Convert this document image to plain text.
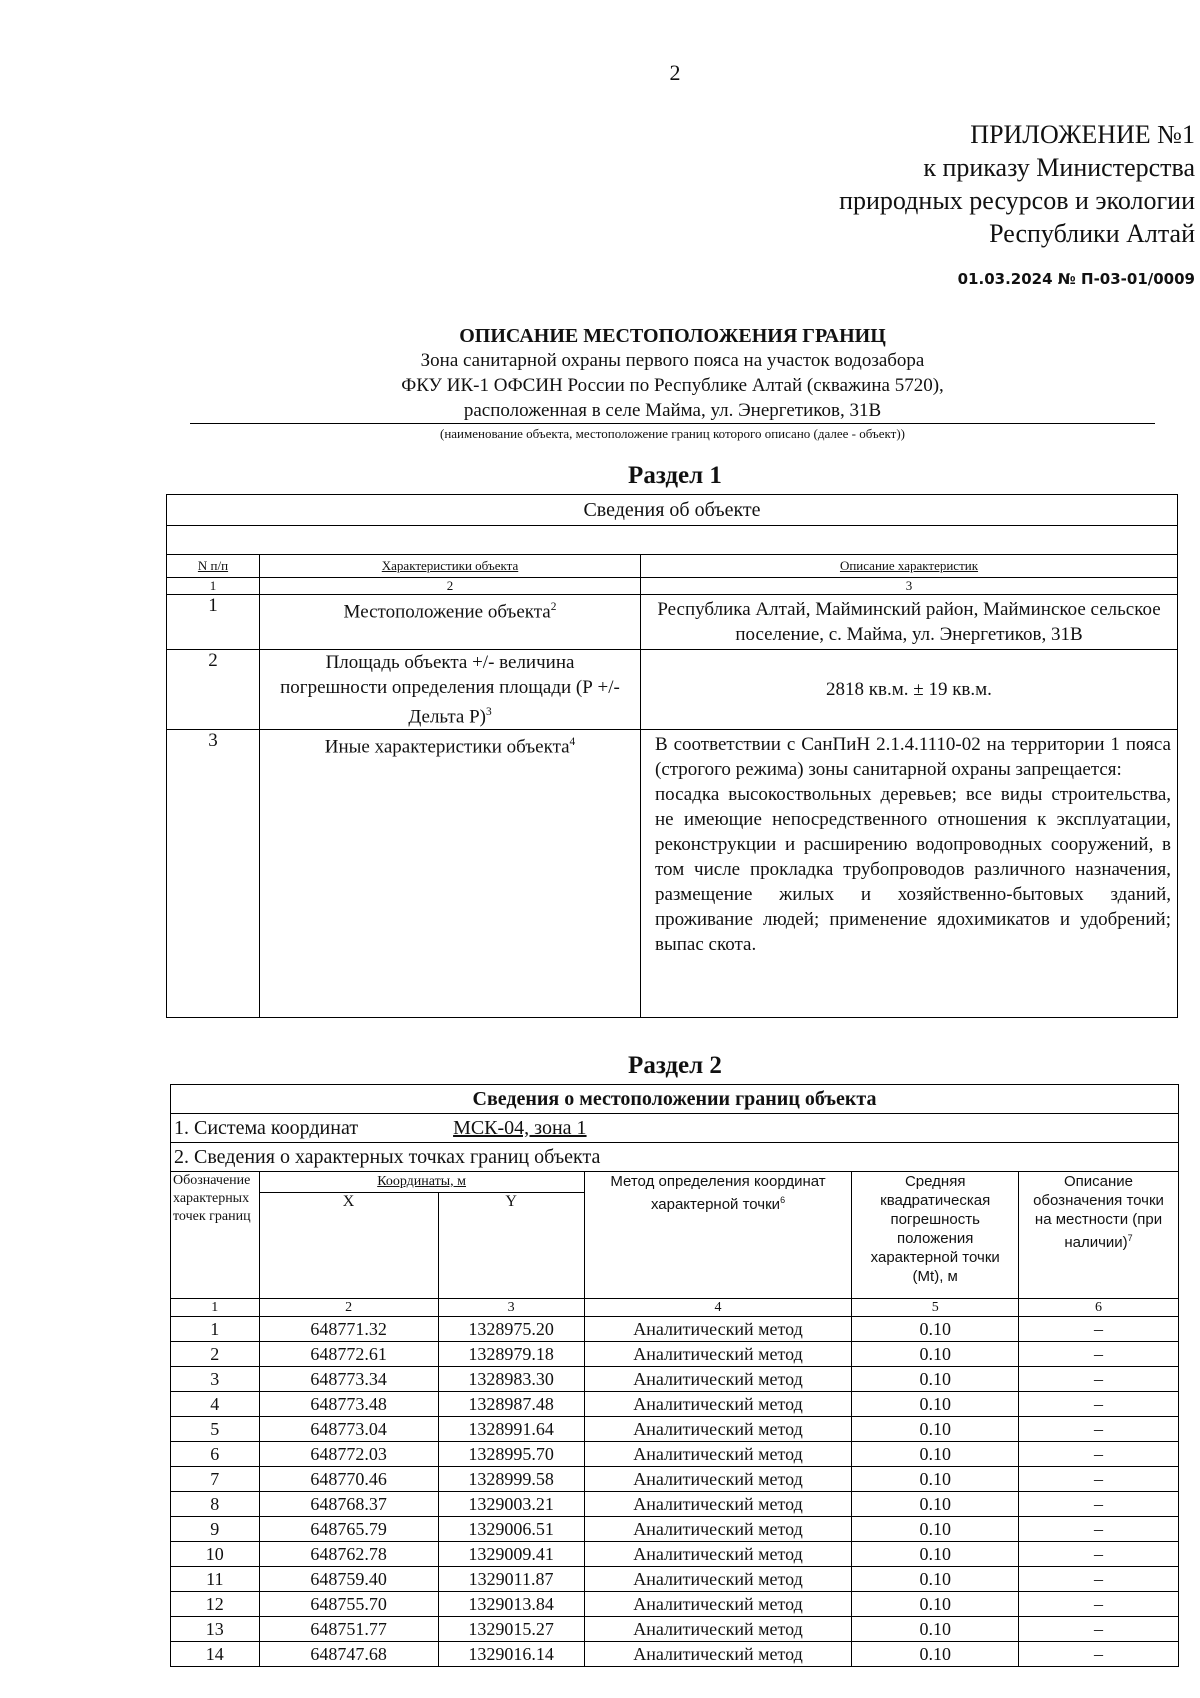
2
ПРИЛОЖЕНИЕ №1
к приказу Министерства
природных ресурсов и экологии
Республики Алтай
01.03.2024 № П-03-01/0009
ОПИСАНИЕ МЕСТОПОЛОЖЕНИЯ ГРАНИЦ
Зона санитарной охраны первого пояса на участок водозабора
ФКУ ИК-1 ОФСИН России по Республике Алтай (скважина 5720),
расположенная в селе Майма, ул. Энергетиков, 31В
(наименование объекта, местоположение границ которого описано (далее - объект))
Раздел 1
Сведения об объекте		

N п/п	Характеристики объекта	Описание характеристик
1	2	3
1	Местоположение объекта$^2$	Республика Алтай, Майминский район, Майминское сельское поселение, с. Майма, ул. Энергетиков, 31В
2	Площадь объекта +/- величина погрешности определения площади (Р +/- Дельта Р)$^3$	2818 кв.м. ± 19 кв.м.
3	Иные характеристики объекта$^4$	В соответствии с СанПиН 2.1.4.1110-02 на территории 1 пояса (строгого режима) зоны санитарной охраны запрещается:
посадка высокоствольных деревьев; все виды строительства, не имеющие непосредственного отношения к эксплуатации, реконструкции и расширению водопроводных сооружений, в том числе прокладка трубопроводов различного назначения, размещение жилых и хозяйственно-бытовых зданий, проживание людей; применение ядохимикатов и удобрений; выпас скота.
Раздел 2
Сведения о местоположении границ объекта					
1. Система координат МСК-04, зона 1					
2. Сведения о характерных точках границ объекта					
Обозначение характерных точек границ	Координаты, м		Метод определения координат характерной точки$^6$	Средняя квадратическая погрешность положения характерной точки (Mt), м	Описание обозначения точки на местности (при наличии)$^7$
	X	Y			
1	2	3	4	5	6
1	648771.32	1328975.20	Аналитический метод	0.10	–
2	648772.61	1328979.18	Аналитический метод	0.10	–
3	648773.34	1328983.30	Аналитический метод	0.10	–
4	648773.48	1328987.48	Аналитический метод	0.10	–
5	648773.04	1328991.64	Аналитический метод	0.10	–
6	648772.03	1328995.70	Аналитический метод	0.10	–
7	648770.46	1328999.58	Аналитический метод	0.10	–
8	648768.37	1329003.21	Аналитический метод	0.10	–
9	648765.79	1329006.51	Аналитический метод	0.10	–
10	648762.78	1329009.41	Аналитический метод	0.10	–
11	648759.40	1329011.87	Аналитический метод	0.10	–
12	648755.70	1329013.84	Аналитический метод	0.10	–
13	648751.77	1329015.27	Аналитический метод	0.10	–
14	648747.68	1329016.14	Аналитический метод	0.10	–
